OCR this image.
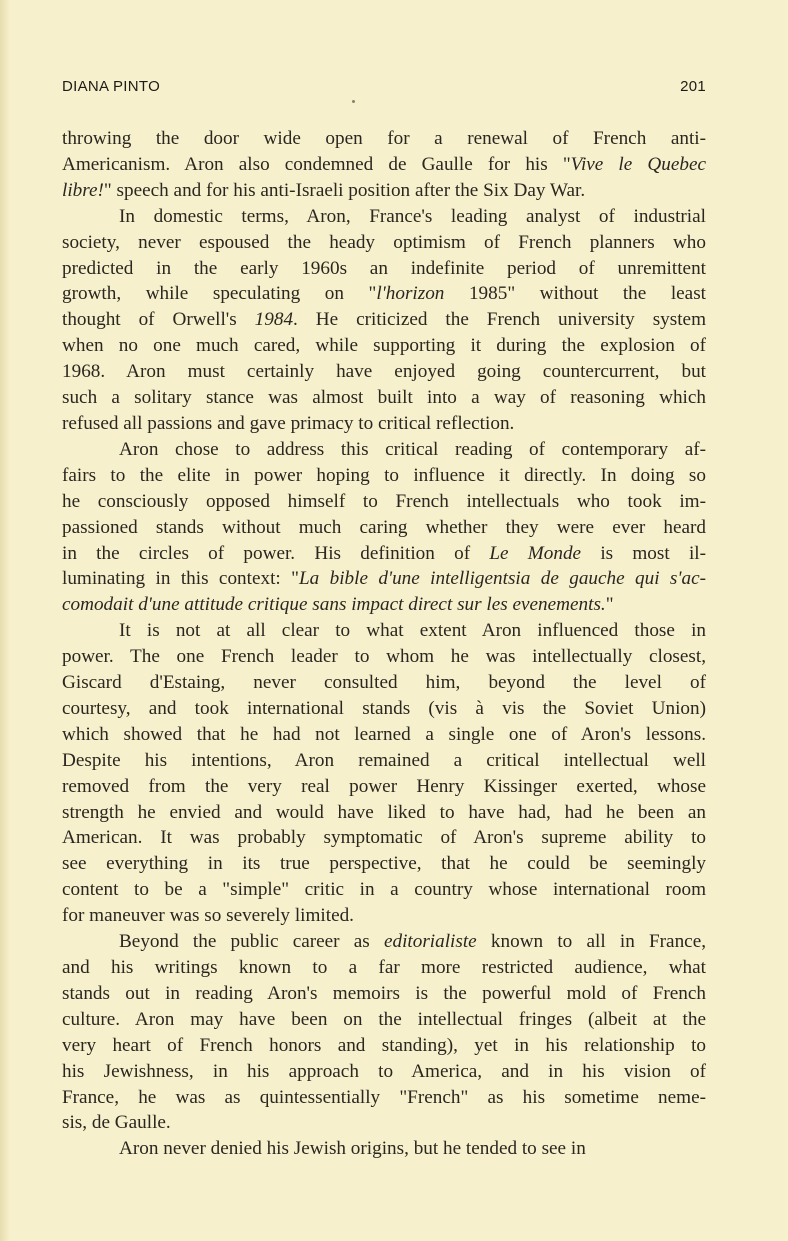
DIANA PINTO	201
throwing the door wide open for a renewal of French anti-
Americanism. Aron also condemned de Gaulle for his "Vive le Quebec
libre!" speech and for his anti-Israeli position after the Six Day War.
In domestic terms, Aron, France's leading analyst of industrial
society, never espoused the heady optimism of French planners who
predicted in the early 1960s an indefinite period of unremittent
growth, while speculating on "l'horizon 1985" without the least
thought of Orwell's 1984. He criticized the French university system
when no one much cared, while supporting it during the explosion of
1968. Aron must certainly have enjoyed going countercurrent, but
such a solitary stance was almost built into a way of reasoning which
refused all passions and gave primacy to critical reflection.
Aron chose to address this critical reading of contemporary af-
fairs to the elite in power hoping to influence it directly. In doing so
he consciously opposed himself to French intellectuals who took im-
passioned stands without much caring whether they were ever heard
in the circles of power. His definition of Le Monde is most il-
luminating in this context: "La bible d'une intelligentsia de gauche qui s'ac-
comodait d'une attitude critique sans impact direct sur les evenements."
It is not at all clear to what extent Aron influenced those in
power. The one French leader to whom he was intellectually closest,
Giscard d'Estaing, never consulted him, beyond the level of
courtesy, and took international stands (vis à vis the Soviet Union)
which showed that he had not learned a single one of Aron's lessons.
Despite his intentions, Aron remained a critical intellectual well
removed from the very real power Henry Kissinger exerted, whose
strength he envied and would have liked to have had, had he been an
American. It was probably symptomatic of Aron's supreme ability to
see everything in its true perspective, that he could be seemingly
content to be a "simple" critic in a country whose international room
for maneuver was so severely limited.
Beyond the public career as editorialiste known to all in France,
and his writings known to a far more restricted audience, what
stands out in reading Aron's memoirs is the powerful mold of French
culture. Aron may have been on the intellectual fringes (albeit at the
very heart of French honors and standing), yet in his relationship to
his Jewishness, in his approach to America, and in his vision of
France, he was as quintessentially "French" as his sometime neme-
sis, de Gaulle.
Aron never denied his Jewish origins, but he tended to see in
